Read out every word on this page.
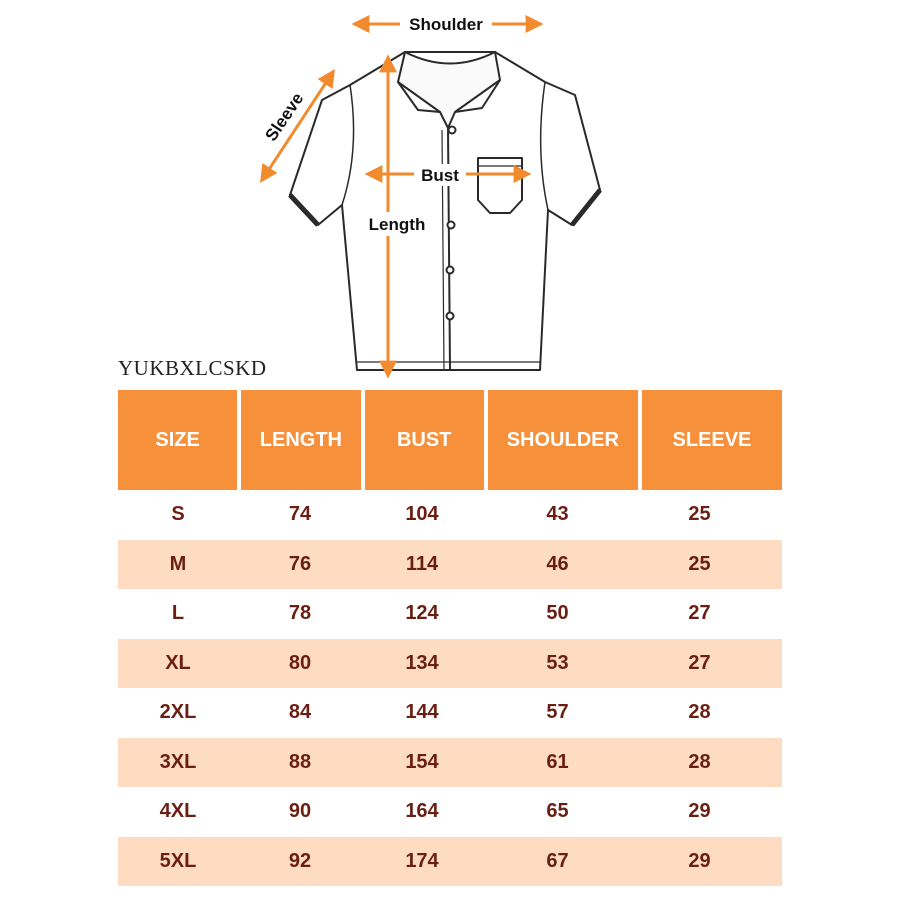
Shoulder
Bust
Length
Sleeve
YUKBXLCSKD
SIZE	LENGTH	BUST	SHOULDER	SLEEVE
S	74	104	43	25
M	76	114	46	25
L	78	124	50	27
XL	80	134	53	27
2XL	84	144	57	28
3XL	88	154	61	28
4XL	90	164	65	29
5XL	92	174	67	29
